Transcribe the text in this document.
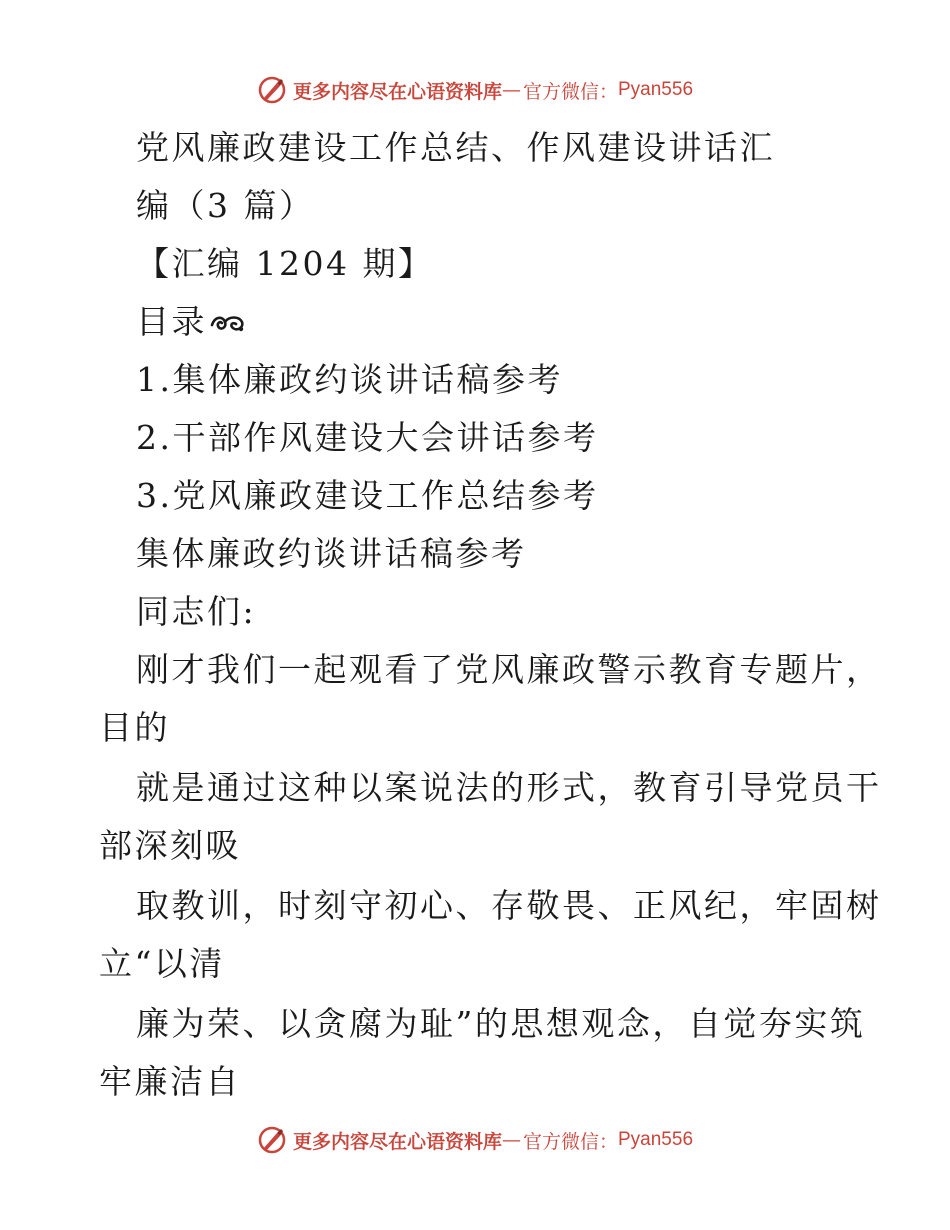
更多内容尽在心语资料库 — 官方微信： Pyan556
党风廉政建设工作总结、作风建设讲话汇
编（3 篇）
【汇编 1204 期】
目录
1.集体廉政约谈讲话稿参考
2.干部作风建设大会讲话参考
3.党风廉政建设工作总结参考
集体廉政约谈讲话稿参考
同志们:
刚才我们一起观看了党风廉政警示教育专题片，
目的
就是通过这种以案说法的形式，教育引导党员干
部深刻吸
取教训，时刻守初心、存敬畏、正风纪，牢固树
立“以清
廉为荣、以贪腐为耻”的思想观念，自觉夯实筑
牢廉洁自
更多内容尽在心语资料库 — 官方微信： Pyan556
